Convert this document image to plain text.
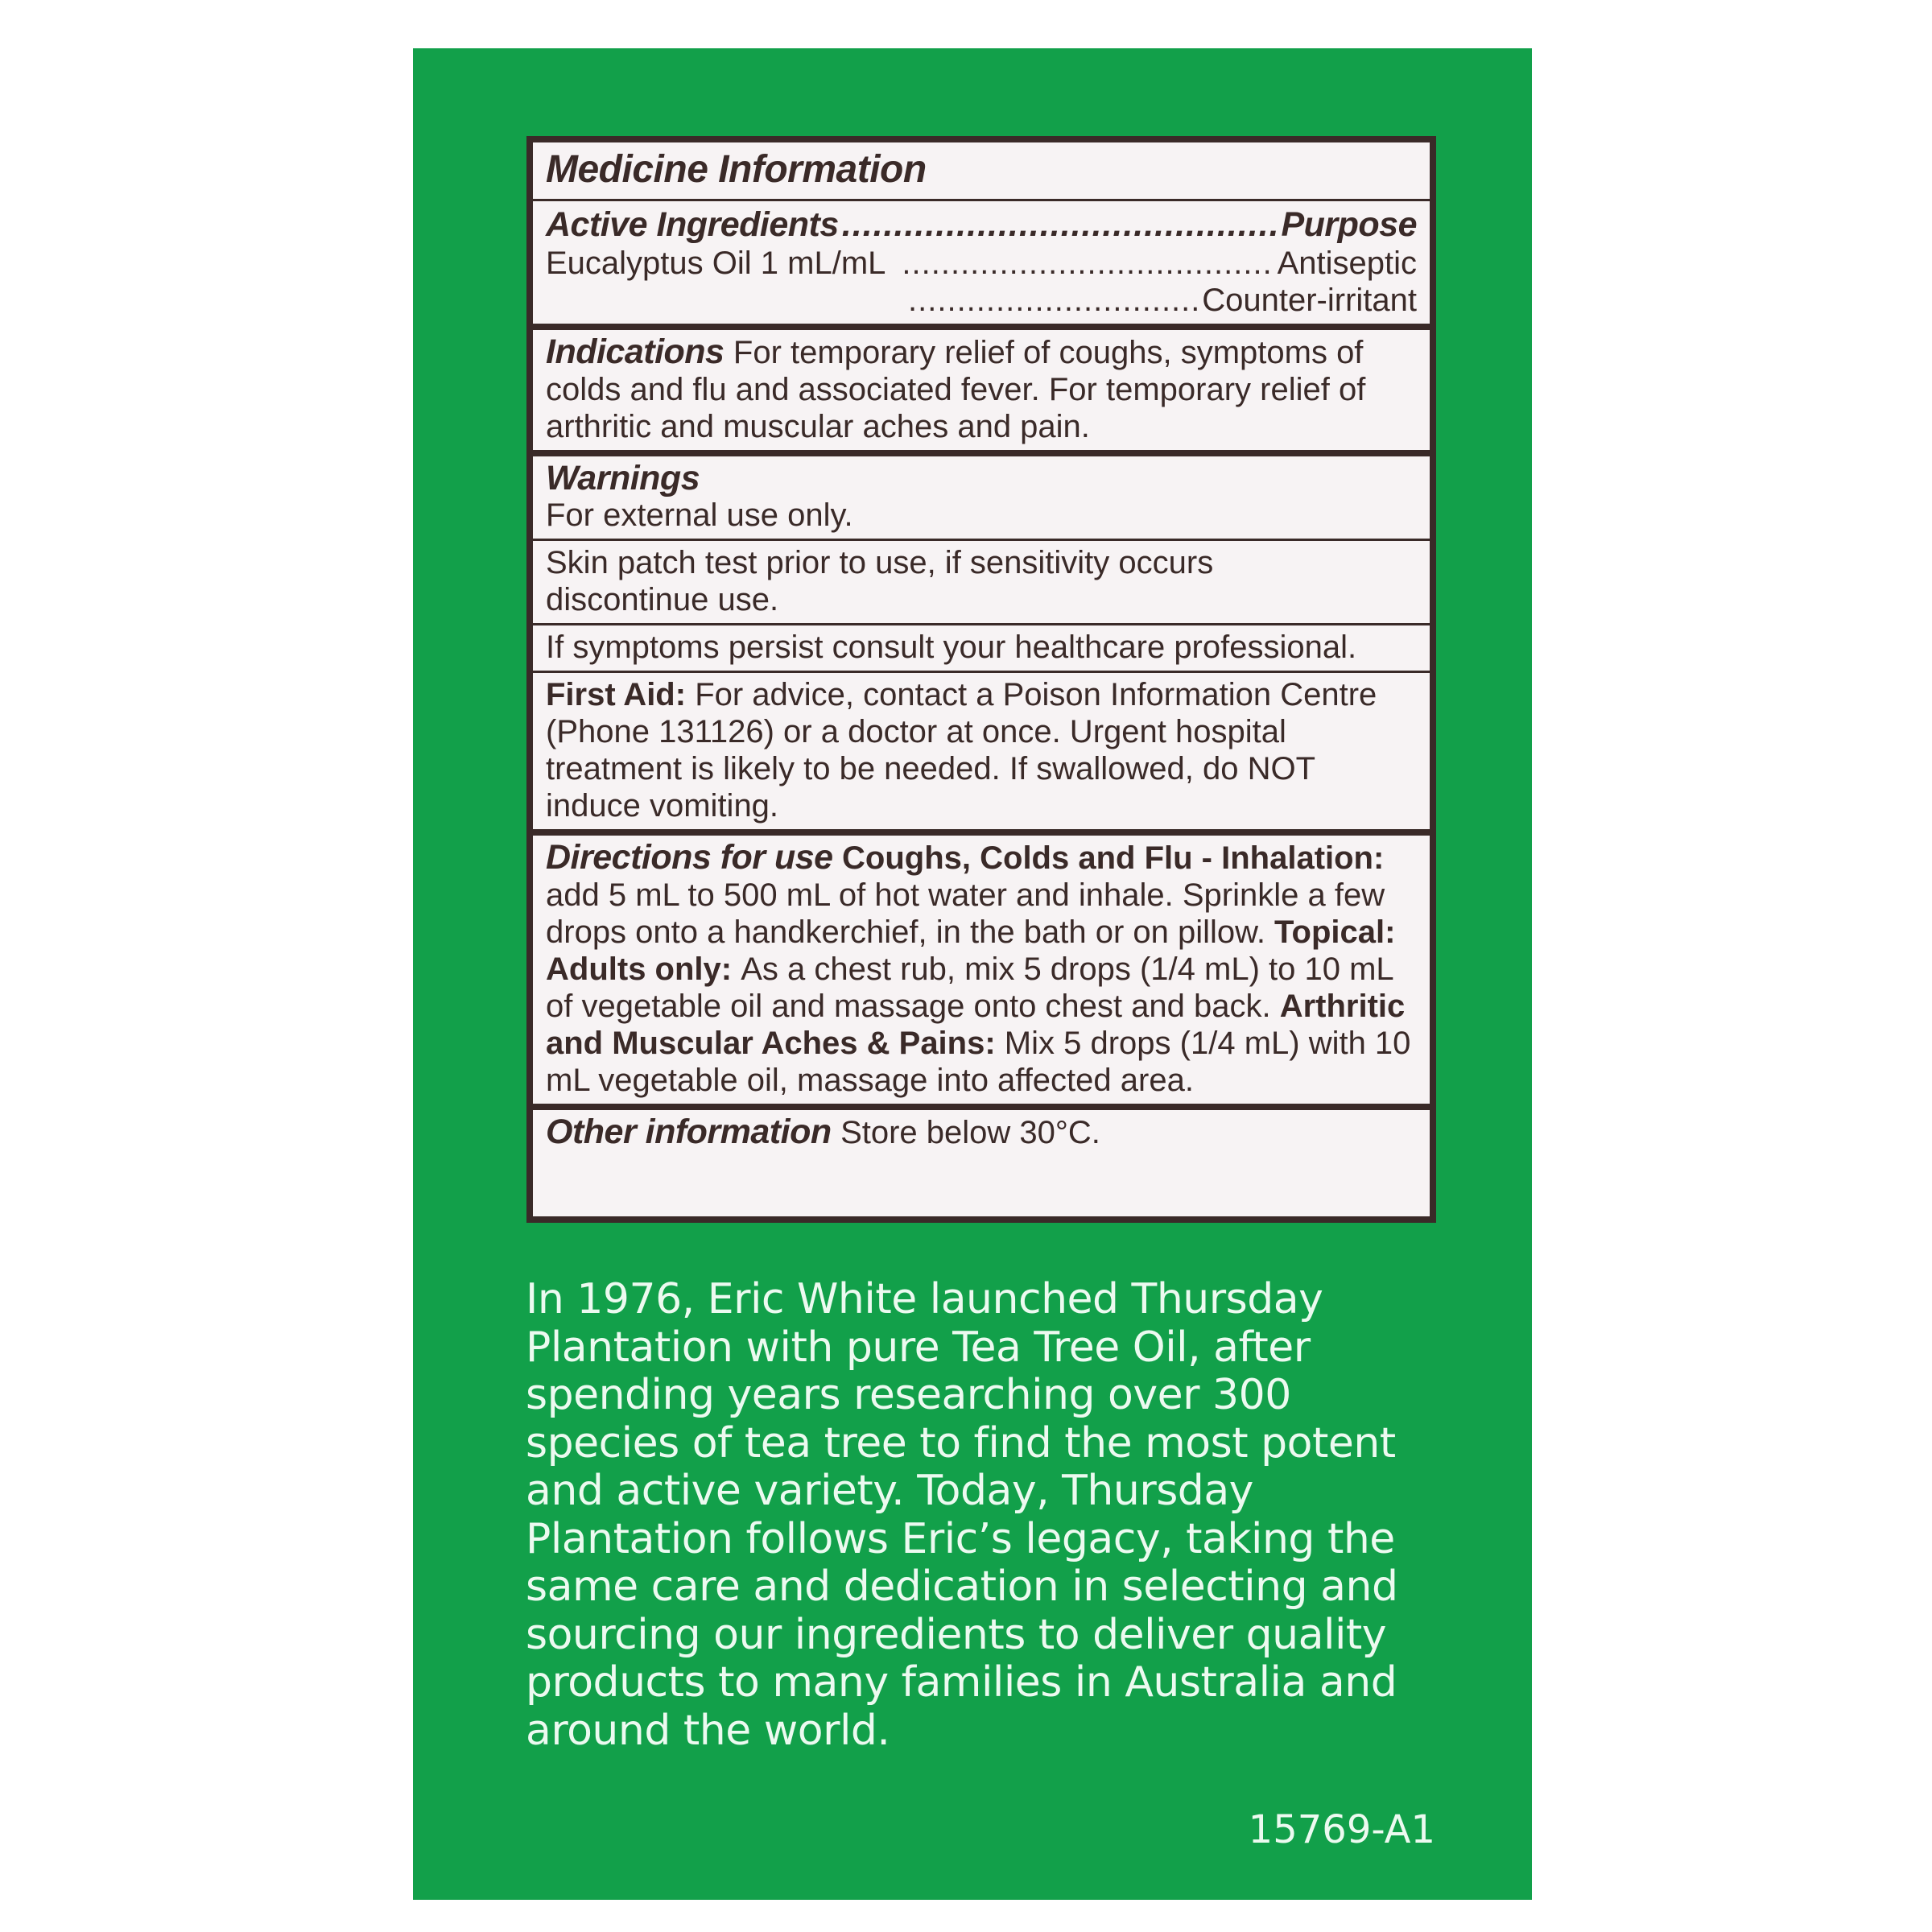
Medicine Information
Active Ingredients .....	Purpose
Eucalyptus Oil 1 mL/mL .....	Antiseptic
.....
Counter-irritant
Indications For temporary relief of coughs, symptoms of colds and flu and associated fever. For temporary relief of arthritic and muscular aches and pain.
Warnings
For external use only.
Skin patch test prior to use, if sensitivity occurs discontinue use.
If symptoms persist consult your healthcare professional.
First Aid: For advice, contact a Poison Information Centre (Phone 131126) or a doctor at once. Urgent hospital treatment is likely to be needed. If swallowed, do NOT induce vomiting.
Directions for use Coughs, Colds and Flu - Inhalation: add 5 mL to 500 mL of hot water and inhale. Sprinkle a few drops onto a handkerchief, in the bath or on pillow. Topical: Adults only: As a chest rub, mix 5 drops (1/4 mL) to 10 mL of vegetable oil and massage onto chest and back. Arthritic and Muscular Aches & Pains: Mix 5 drops (1/4 mL) with 10 mL vegetable oil, massage into affected area.
Other information Store below 30°C.
In 1976, Eric White launched Thursday Plantation with pure Tea Tree Oil, after spending years researching over 300 species of tea tree to find the most potent and active variety. Today, Thursday Plantation follows Eric’s legacy, taking the same care and dedication in selecting and sourcing our ingredients to deliver quality products to many families in Australia and around the world.
15769-A1
